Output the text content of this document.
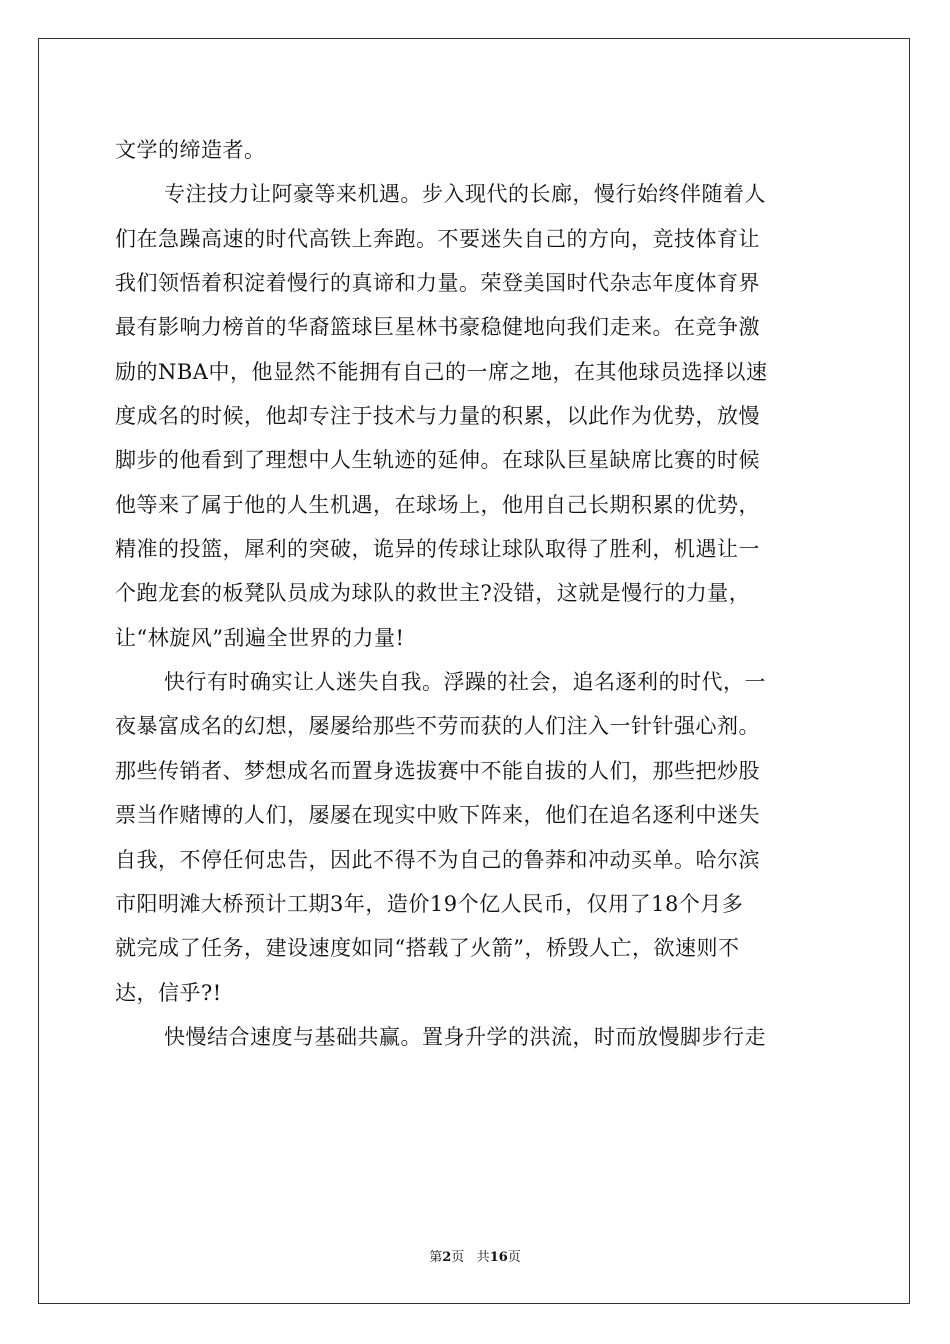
文学的缔造者。
专注技力让阿豪等来机遇。步入现代的长廊，慢行始终伴随着人
们在急躁高速的时代高铁上奔跑。不要迷失自己的方向，竞技体育让
我们领悟着积淀着慢行的真谛和力量。荣登美国时代杂志年度体育界
最有影响力榜首的华裔篮球巨星林书豪稳健地向我们走来。在竞争激
励的NBA中，他显然不能拥有自己的一席之地，在其他球员选择以速
度成名的时候，他却专注于技术与力量的积累，以此作为优势，放慢
脚步的他看到了理想中人生轨迹的延伸。在球队巨星缺席比赛的时候
他等来了属于他的人生机遇，在球场上，他用自己长期积累的优势，
精准的投篮，犀利的突破，诡异的传球让球队取得了胜利，机遇让一
个跑龙套的板凳队员成为球队的救世主?没错，这就是慢行的力量，
让“林旋风”刮遍全世界的力量!
快行有时确实让人迷失自我。浮躁的社会，追名逐利的时代，一
夜暴富成名的幻想，屡屡给那些不劳而获的人们注入一针针强心剂。
那些传销者、梦想成名而置身选拔赛中不能自拔的人们，那些把炒股
票当作赌博的人们，屡屡在现实中败下阵来，他们在追名逐利中迷失
自我，不停任何忠告，因此不得不为自己的鲁莽和冲动买单。哈尔滨
市阳明滩大桥预计工期3年，造价19个亿人民币，仅用了18个月多
就完成了任务，建设速度如同“搭载了火箭”，桥毁人亡，欲速则不
达，信乎?!
快慢结合速度与基础共赢。置身升学的洪流，时而放慢脚步行走
第2页 共16页
